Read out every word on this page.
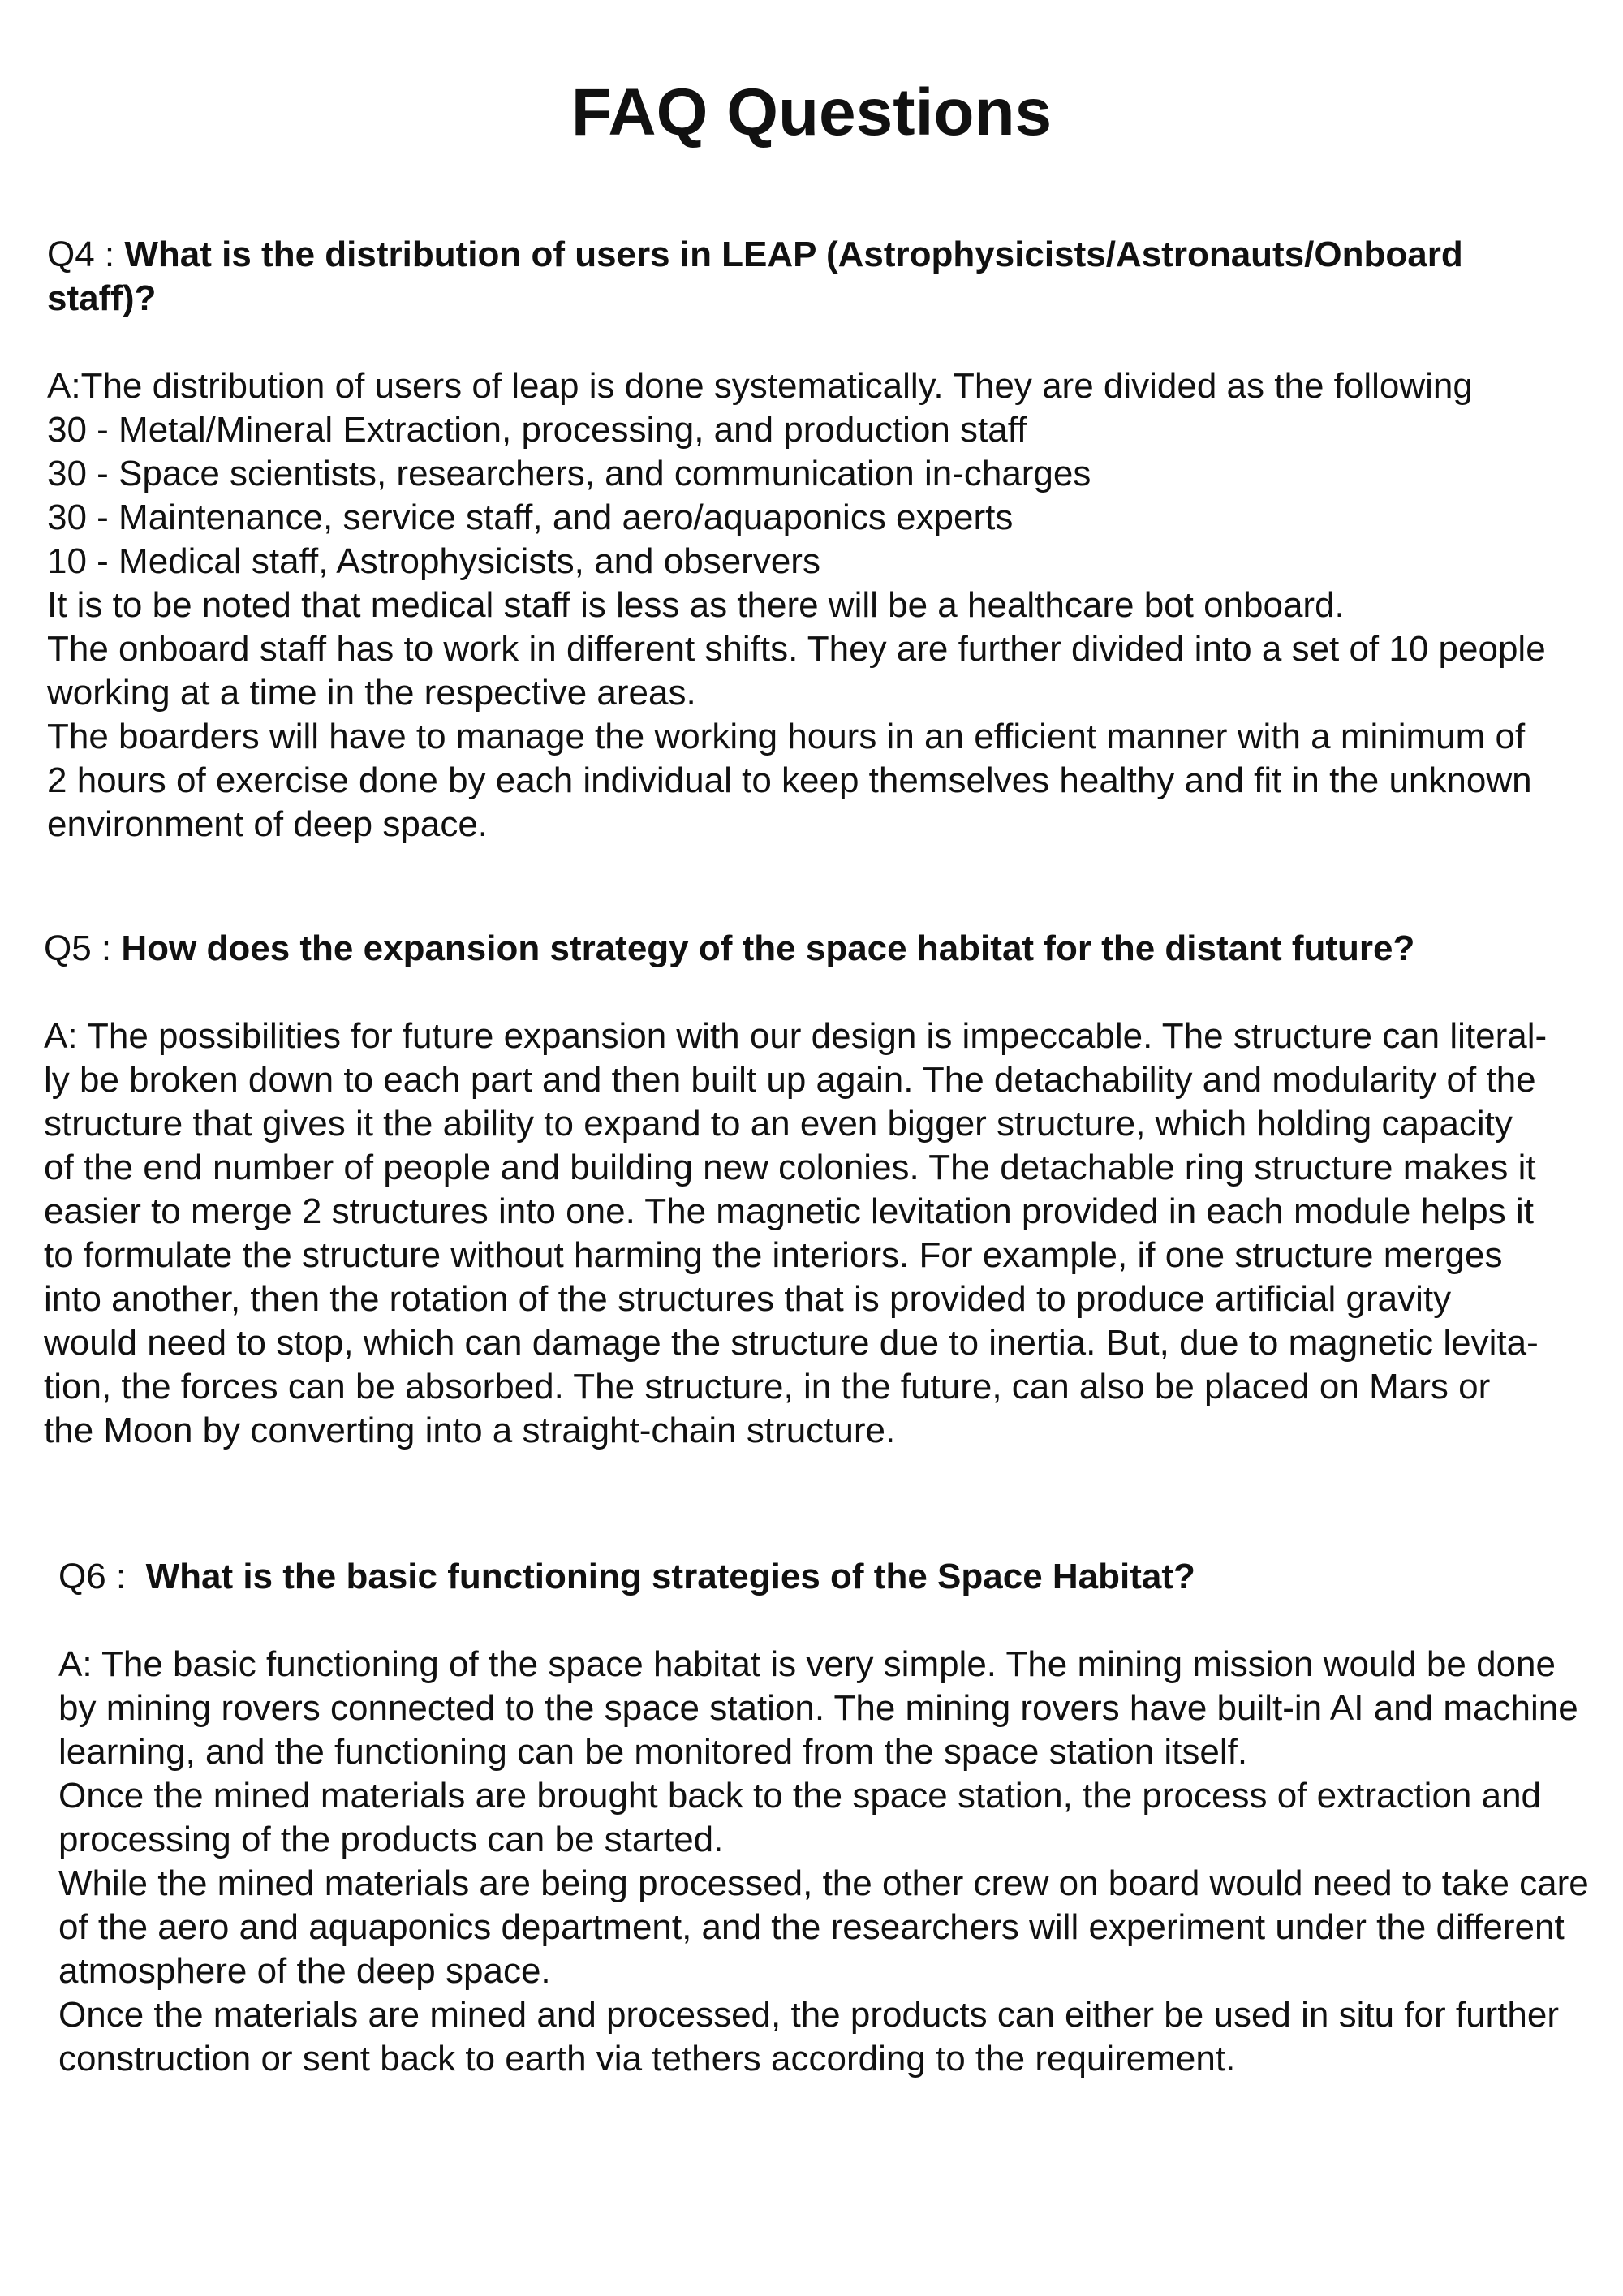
FAQ Questions

Q4 : What is the distribution of users in LEAP (Astrophysicists/Astronauts/Onboard
staff)?

A:The distribution of users of leap is done systematically. They are divided as the following
30 - Metal/Mineral Extraction, processing, and production staff
30 - Space scientists, researchers, and communication in-charges
30 - Maintenance, service staff, and aero/aquaponics experts
10 - Medical staff, Astrophysicists, and observers
It is to be noted that medical staff is less as there will be a healthcare bot onboard.
The onboard staff has to work in different shifts. They are further divided into a set of 10 people
working at a time in the respective areas.
The boarders will have to manage the working hours in an efficient manner with a minimum of
2 hours of exercise done by each individual to keep themselves healthy and fit in the unknown
environment of deep space.

Q5 : How does the expansion strategy of the space habitat for the distant future?

A: The possibilities for future expansion with our design is impeccable. The structure can literal-
ly be broken down to each part and then built up again. The detachability and modularity of the
structure that gives it the ability to expand to an even bigger structure, which holding capacity
of the end number of people and building new colonies. The detachable ring structure makes it
easier to merge 2 structures into one. The magnetic levitation provided in each module helps it
to formulate the structure without harming the interiors. For example, if one structure merges
into another, then the rotation of the structures that is provided to produce artificial gravity
would need to stop, which can damage the structure due to inertia. But, due to magnetic levita-
tion, the forces can be absorbed. The structure, in the future, can also be placed on Mars or
the Moon by converting into a straight-chain structure.

Q6 :  What is the basic functioning strategies of the Space Habitat?

A: The basic functioning of the space habitat is very simple. The mining mission would be done
by mining rovers connected to the space station. The mining rovers have built-in AI and machine
learning, and the functioning can be monitored from the space station itself.
Once the mined materials are brought back to the space station, the process of extraction and
processing of the products can be started.
While the mined materials are being processed, the other crew on board would need to take care
of the aero and aquaponics department, and the researchers will experiment under the different
atmosphere of the deep space.
Once the materials are mined and processed, the products can either be used in situ for further
construction or sent back to earth via tethers according to the requirement.
